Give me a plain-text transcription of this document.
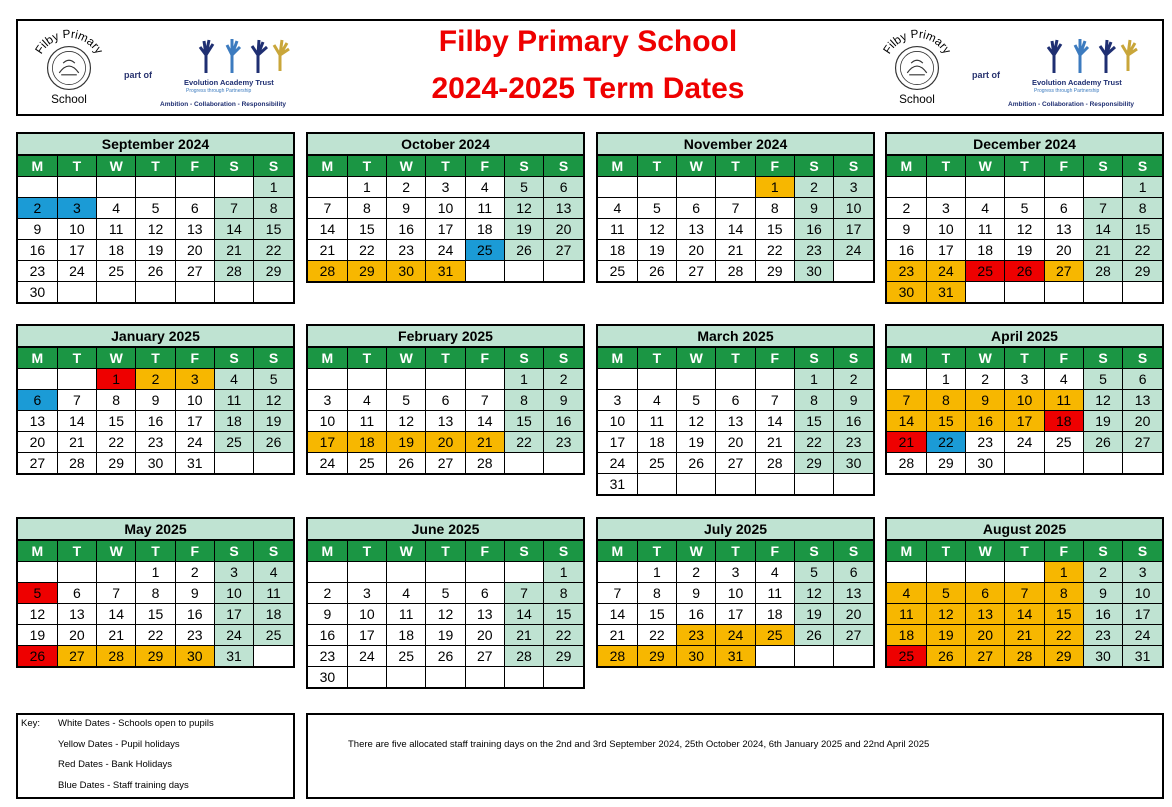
Filby Primary
School
part of
Evolution Academy Trust
Progress through Partnership
Ambition - Collaboration - Responsibility
Filby Primary School
2024-2025 Term Dates
Filby Primary
School
part of
Evolution Academy Trust
Progress through Partnership
Ambition - Collaboration - Responsibility
September 2024
M	T	W	T	F	S	S
						1
2	3	4	5	6	7	8
9	10	11	12	13	14	15
16	17	18	19	20	21	22
23	24	25	26	27	28	29
30						
October 2024
M	T	W	T	F	S	S
	1	2	3	4	5	6
7	8	9	10	11	12	13
14	15	16	17	18	19	20
21	22	23	24	25	26	27
28	29	30	31			
November 2024
M	T	W	T	F	S	S
				1	2	3
4	5	6	7	8	9	10
11	12	13	14	15	16	17
18	19	20	21	22	23	24
25	26	27	28	29	30	
December 2024
M	T	W	T	F	S	S
						1
2	3	4	5	6	7	8
9	10	11	12	13	14	15
16	17	18	19	20	21	22
23	24	25	26	27	28	29
30	31					
January 2025
M	T	W	T	F	S	S
		1	2	3	4	5
6	7	8	9	10	11	12
13	14	15	16	17	18	19
20	21	22	23	24	25	26
27	28	29	30	31		
February 2025
M	T	W	T	F	S	S
					1	2
3	4	5	6	7	8	9
10	11	12	13	14	15	16
17	18	19	20	21	22	23
24	25	26	27	28		
March 2025
M	T	W	T	F	S	S
					1	2
3	4	5	6	7	8	9
10	11	12	13	14	15	16
17	18	19	20	21	22	23
24	25	26	27	28	29	30
31						
April 2025
M	T	W	T	F	S	S
	1	2	3	4	5	6
7	8	9	10	11	12	13
14	15	16	17	18	19	20
21	22	23	24	25	26	27
28	29	30				
May 2025
M	T	W	T	F	S	S
			1	2	3	4
5	6	7	8	9	10	11
12	13	14	15	16	17	18
19	20	21	22	23	24	25
26	27	28	29	30	31	
June 2025
M	T	W	T	F	S	S
						1
2	3	4	5	6	7	8
9	10	11	12	13	14	15
16	17	18	19	20	21	22
23	24	25	26	27	28	29
30						
July 2025
M	T	W	T	F	S	S
	1	2	3	4	5	6
7	8	9	10	11	12	13
14	15	16	17	18	19	20
21	22	23	24	25	26	27
28	29	30	31			
August 2025
M	T	W	T	F	S	S
				1	2	3
4	5	6	7	8	9	10
11	12	13	14	15	16	17
18	19	20	21	22	23	24
25	26	27	28	29	30	31
Key: White Dates - Schools open to pupils
Yellow Dates - Pupil holidays
Red Dates - Bank Holidays
Blue Dates - Staff training days
There are five allocated staff training days on the 2nd and 3rd September 2024, 25th October 2024, 6th January 2025 and 22nd April 2025
